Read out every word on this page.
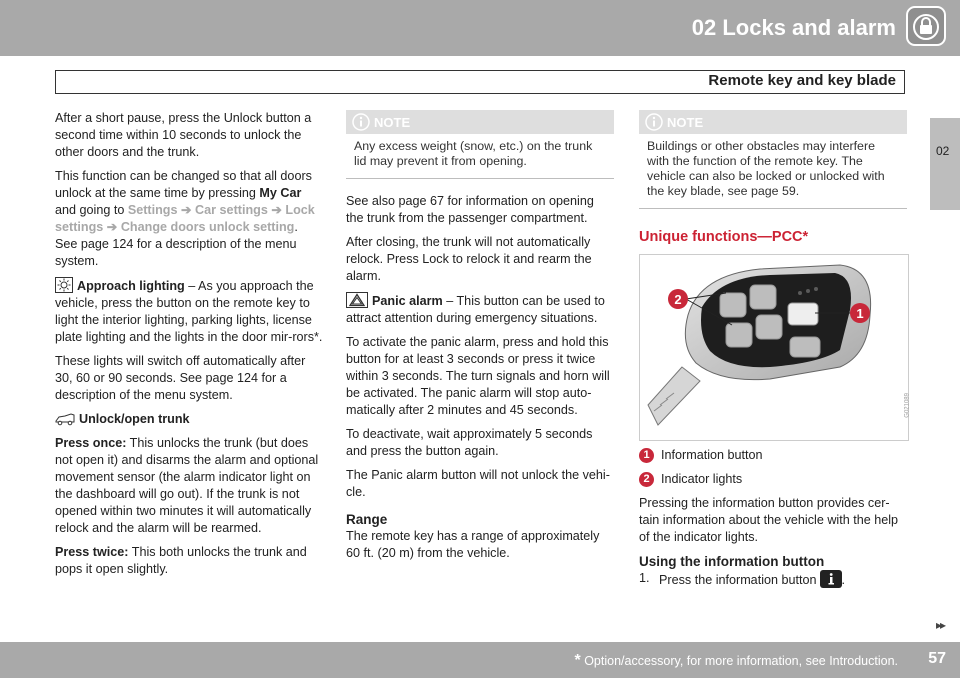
02 Locks and alarm
Remote key and key blade
02

After a short pause, press the Unlock button a second time within 10 seconds to unlock the other doors and the trunk.

This function can be changed so that all doors unlock at the same time by pressing My Car and going to Settings ➔ Car settings ➔ Lock settings ➔ Change doors unlock setting. See page 124 for a description of the menu system.

Approach lighting – As you approach the vehicle, press the button on the remote key to light the interior lighting, parking lights, license plate lighting and the lights in the door mir-rors*.

These lights will switch off automatically after 30, 60 or 90 seconds. See page 124 for a description of the menu system.

Unlock/open trunk

Press once: This unlocks the trunk (but does not open it) and disarms the alarm and optional movement sensor (the alarm indicator light on the dashboard will go out). If the trunk is not opened within two minutes it will automatically relock and the alarm will be rearmed.

Press twice: This both unlocks the trunk and pops it open slightly.

NOTE
Any excess weight (snow, etc.) on the trunk lid may prevent it from opening.

See also page 67 for information on opening the trunk from the passenger compartment.

After closing, the trunk will not automatically relock. Press Lock to relock it and rearm the alarm.

Panic alarm – This button can be used to attract attention during emergency situations.

To activate the panic alarm, press and hold this button for at least 3 seconds or press it twice within 3 seconds. The turn signals and horn will be activated. The panic alarm will stop auto-matically after 2 minutes and 45 seconds.

To deactivate, wait approximately 5 seconds and press the button again.

The Panic alarm button will not unlock the vehi-cle.

Range

The remote key has a range of approximately 60 ft. (20 m) from the vehicle.

NOTE
Buildings or other obstacles may interfere with the function of the remote key. The vehicle can also be locked or unlocked with the key blade, see page 59.
Unique functions—PCC*
2
1
G021089
1 Information button
2 Indicator lights

Pressing the information button provides cer-tain information about the vehicle with the help of the indicator lights.

Using the information button
1. Press the information button .
▸▸
* Option/accessory, for more information, see Introduction. 57
